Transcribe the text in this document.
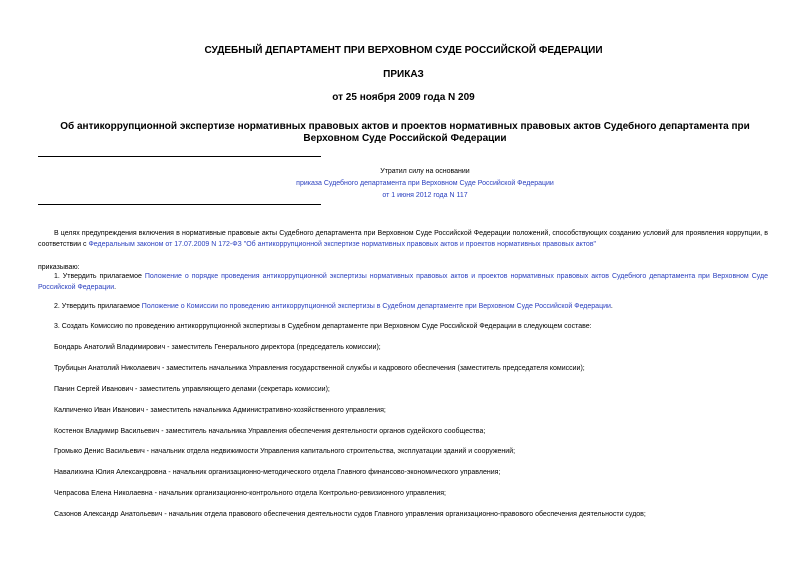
СУДЕБНЫЙ ДЕПАРТАМЕНТ ПРИ ВЕРХОВНОМ СУДЕ РОССИЙСКОЙ ФЕДЕРАЦИИ
ПРИКАЗ
от 25 ноября 2009 года N 209
Об антикоррупционной экспертизе нормативных правовых актов и проектов нормативных правовых актов Судебного департамента при Верховном Суде Российской Федерации
Утратил силу на основании
приказа Судебного департамента при Верховном Суде Российской Федерации
от 1 июня 2012 года N 117
В целях предупреждения включения в нормативные правовые акты Судебного департамента при Верховном Суде Российской Федерации положений, способствующих созданию условий для проявления коррупции, в соответствии с Федеральным законом от 17.07.2009 N 172-ФЗ "Об антикоррупционной экспертизе нормативных правовых актов и проектов нормативных правовых актов"
приказываю:
1. Утвердить прилагаемое Положение о порядке проведения антикоррупционной экспертизы нормативных правовых актов и проектов нормативных правовых актов Судебного департамента при Верховном Суде Российской Федерации.
2. Утвердить прилагаемое Положение о Комиссии по проведению антикоррупционной экспертизы в Судебном департаменте при Верховном Суде Российской Федерации.
3. Создать Комиссию по проведению антикоррупционной экспертизы в Судебном департаменте при Верховном Суде Российской Федерации в следующем составе:
Бондарь Анатолий Владимирович - заместитель Генерального директора (председатель комиссии);
Трубицын Анатолий Николаевич - заместитель начальника Управления государственной службы и кадрового обеспечения (заместитель председателя комиссии);
Панин Сергей Иванович - заместитель управляющего делами (секретарь комиссии);
Калпиченко Иван Иванович - заместитель начальника Административно-хозяйственного управления;
Костенок Владимир Васильевич - заместитель начальника Управления обеспечения деятельности органов судейского сообщества;
Громыко Денис Васильевич - начальник отдела недвижимости Управления капитального строительства, эксплуатации зданий и сооружений;
Навалихина Юлия Александровна - начальник организационно-методического отдела Главного финансово-экономического управления;
Чепрасова Елена Николаевна - начальник организационно-контрольного отдела Контрольно-ревизионного управления;
Сазонов Александр Анатольевич - начальник отдела правового обеспечения деятельности судов Главного управления организационно-правового обеспечения деятельности судов;
